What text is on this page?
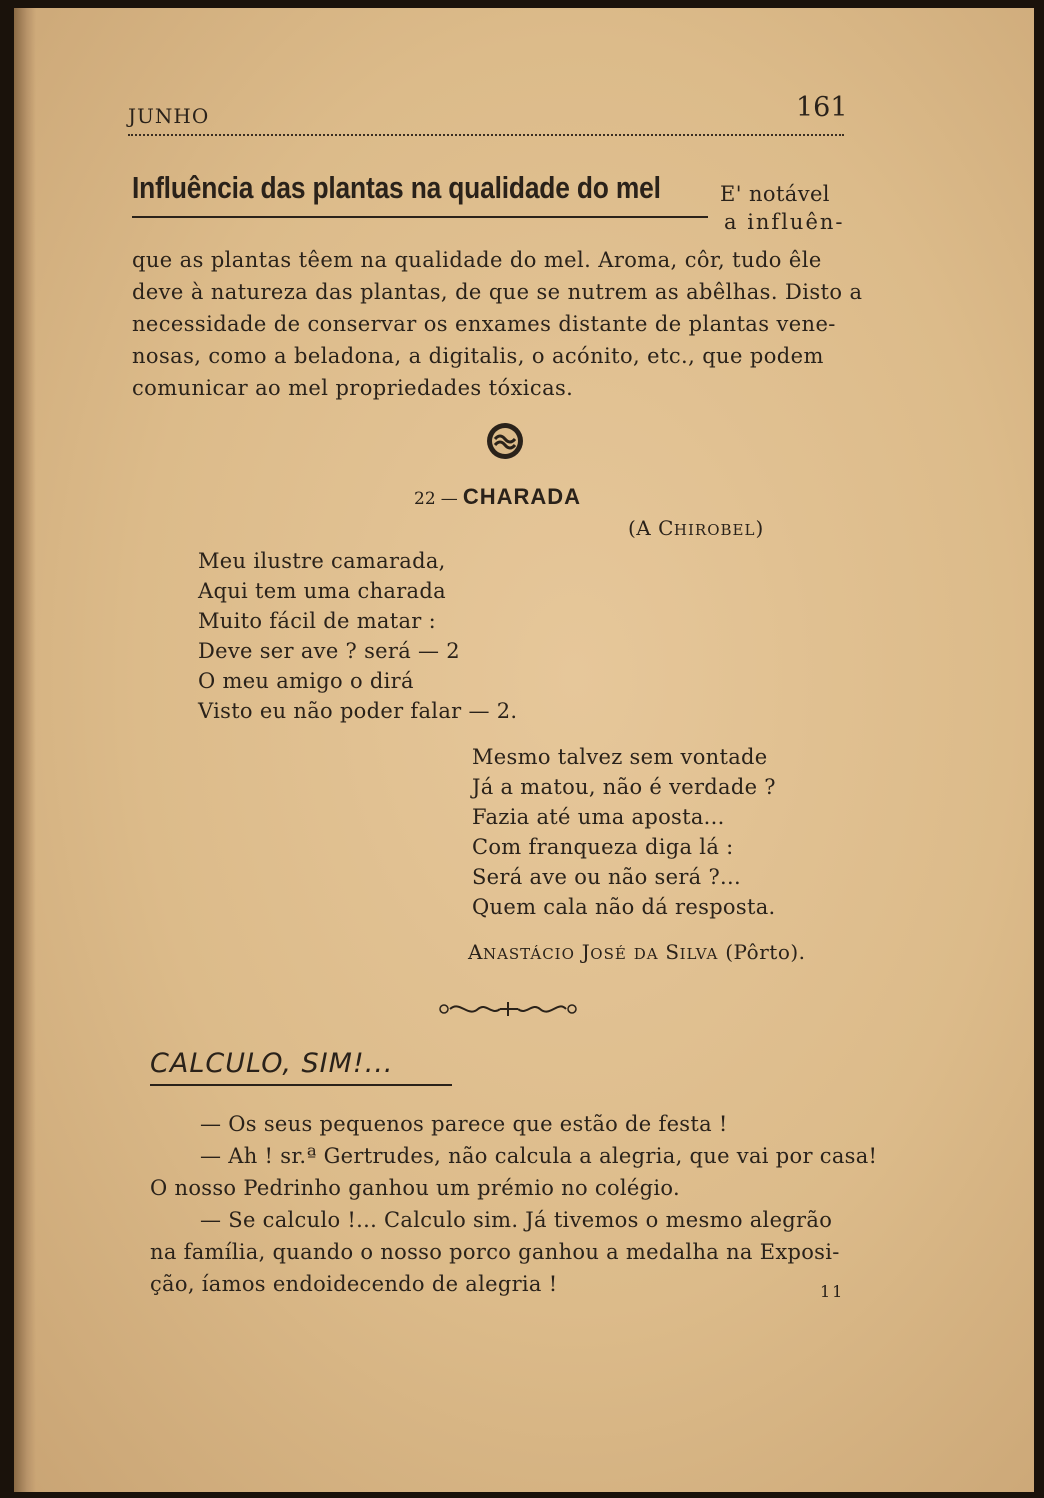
JUNHO	161
Influência das plantas na qualidade do mel	E' notável
a influên-
que as plantas têem na qualidade do mel. Aroma, côr, tudo êle
deve à natureza das plantas, de que se nutrem as abêlhas. Disto a
necessidade de conservar os enxames distante de plantas vene-
nosas, como a beladona, a digitalis, o acónito, etc., que podem
comunicar ao mel propriedades tóxicas.
22 — CHARADA
(A CHIROBEL)
Meu ilustre camarada,
Aqui tem uma charada
Muito fácil de matar :
Deve ser ave ? será — 2
O meu amigo o dirá
Visto eu não poder falar — 2.
Mesmo talvez sem vontade
Já a matou, não é verdade ?
Fazia até uma aposta...
Com franqueza diga lá :
Será ave ou não será ?...
Quem cala não dá resposta.
ANASTÁCIO JOSÉ DA SILVA (Pôrto).
CALCULO, SIM!...
— Os seus pequenos parece que estão de festa !
— Ah ! sr.ª Gertrudes, não calcula a alegria, que vai por casa!
O nosso Pedrinho ganhou um prémio no colégio.
— Se calculo !... Calculo sim. Já tivemos o mesmo alegrão
na família, quando o nosso porco ganhou a medalha na Exposi-
ção, íamos endoidecendo de alegria !	11
